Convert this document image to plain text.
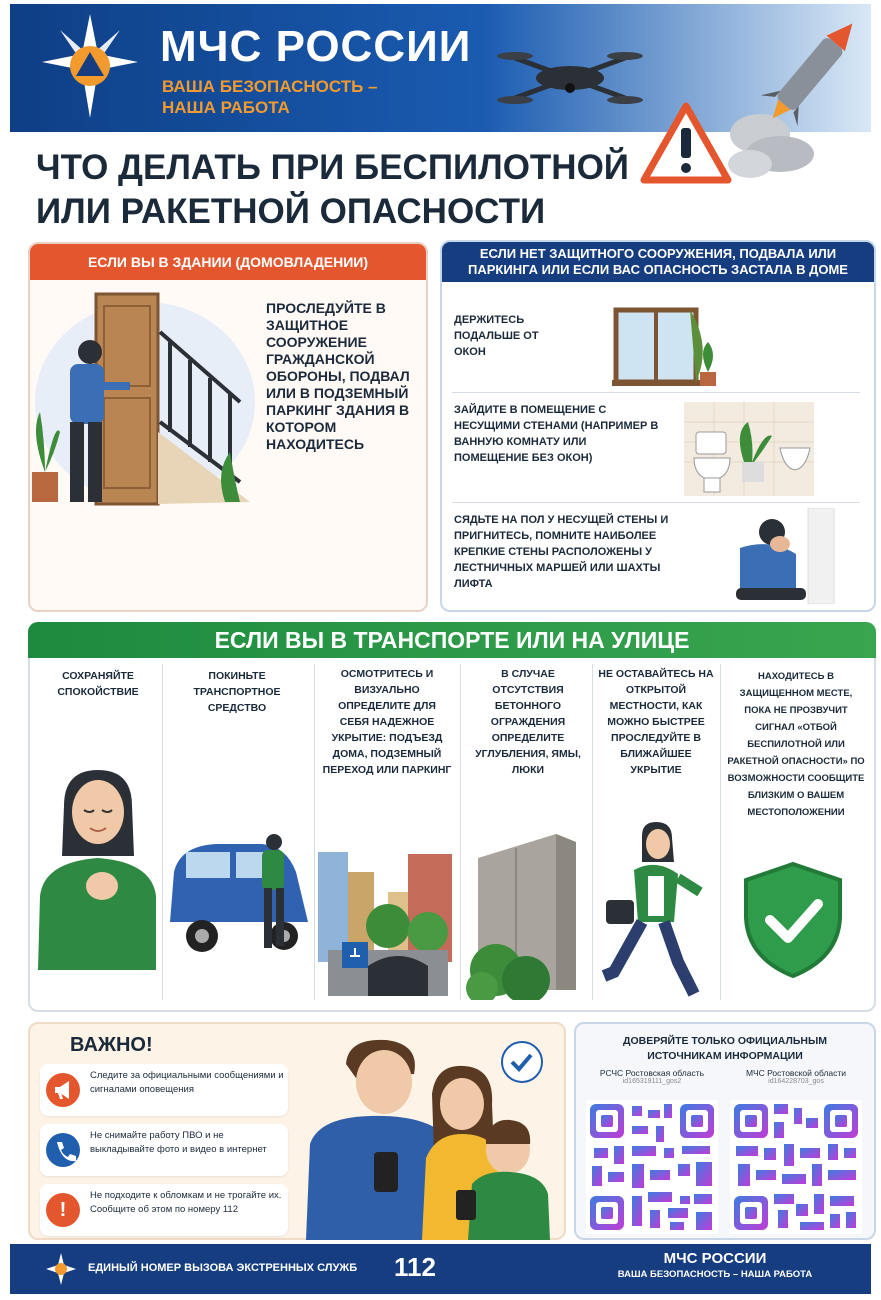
МЧС РОССИИ
ВАША БЕЗОПАСНОСТЬ –
НАША РАБОТА
ЧТО ДЕЛАТЬ ПРИ БЕСПИЛОТНОЙ
ИЛИ РАКЕТНОЙ ОПАСНОСТИ
ЕСЛИ ВЫ В ЗДАНИИ (ДОМОВЛАДЕНИИ)
ПРОСЛЕДУЙТЕ В ЗАЩИТНОЕ СООРУЖЕНИЕ ГРАЖДАНСКОЙ ОБОРОНЫ, ПОДВАЛ ИЛИ В ПОДЗЕМНЫЙ ПАРКИНГ ЗДАНИЯ В КОТОРОМ НАХОДИТЕСЬ
ЕСЛИ НЕТ ЗАЩИТНОГО СООРУЖЕНИЯ, ПОДВАЛА ИЛИ ПАРКИНГА ИЛИ ЕСЛИ ВАС ОПАСНОСТЬ ЗАСТАЛА В ДОМЕ
ДЕРЖИТЕСЬ ПОДАЛЬШЕ ОТ ОКОН
ЗАЙДИТЕ В ПОМЕЩЕНИЕ С НЕСУЩИМИ СТЕНАМИ (НАПРИМЕР В ВАННУЮ КОМНАТУ ИЛИ ПОМЕЩЕНИЕ БЕЗ ОКОН)
СЯДЬТЕ НА ПОЛ У НЕСУЩЕЙ СТЕНЫ И ПРИГНИТЕСЬ, ПОМНИТЕ НАИБОЛЕЕ КРЕПКИЕ СТЕНЫ РАСПОЛОЖЕНЫ У ЛЕСТНИЧНЫХ МАРШЕЙ ИЛИ ШАХТЫ ЛИФТА
ЕСЛИ ВЫ В ТРАНСПОРТЕ ИЛИ НА УЛИЦЕ
СОХРАНЯЙТЕ СПОКОЙСТВИЕ
ПОКИНЬТЕ ТРАНСПОРТНОЕ СРЕДСТВО
ОСМОТРИТЕСЬ И ВИЗУАЛЬНО ОПРЕДЕЛИТЕ ДЛЯ СЕБЯ НАДЕЖНОЕ УКРЫТИЕ: ПОДЪЕЗД ДОМА, ПОДЗЕМНЫЙ ПЕРЕХОД ИЛИ ПАРКИНГ
В СЛУЧАЕ ОТСУТСТВИЯ БЕТОННОГО ОГРАЖДЕНИЯ ОПРЕДЕЛИТЕ УГЛУБЛЕНИЯ, ЯМЫ, ЛЮКИ
НЕ ОСТАВАЙТЕСЬ НА ОТКРЫТОЙ МЕСТНОСТИ, КАК МОЖНО БЫСТРЕЕ ПРОСЛЕДУЙТЕ В БЛИЖАЙШЕЕ УКРЫТИЕ
НАХОДИТЕСЬ В ЗАЩИЩЕННОМ МЕСТЕ, ПОКА НЕ ПРОЗВУЧИТ СИГНАЛ «ОТБОЙ БЕСПИЛОТНОЙ ИЛИ РАКЕТНОЙ ОПАСНОСТИ» ПО ВОЗМОЖНОСТИ СООБЩИТЕ БЛИЗКИМ О ВАШЕМ МЕСТОПОЛОЖЕНИИ
ВАЖНО!
Следите за официальными сообщениями и сигналами оповещения
Не снимайте работу ПВО и не выкладывайте фото и видео в интернет
!
Не подходите к обломкам и не трогайте их. Сообщите об этом по номеру 112
ДОВЕРЯЙТЕ ТОЛЬКО ОФИЦИАЛЬНЫМ
ИСТОЧНИКАМ ИНФОРМАЦИИ
РСЧС Ростовская область
id165319111_gos2
МЧС Ростовской области
id164228703_gos
ЕДИНЫЙ НОМЕР ВЫЗОВА ЭКСТРЕННЫХ СЛУЖБ 112	МЧС РОССИИ
ВАША БЕЗОПАСНОСТЬ – НАША РАБОТА
